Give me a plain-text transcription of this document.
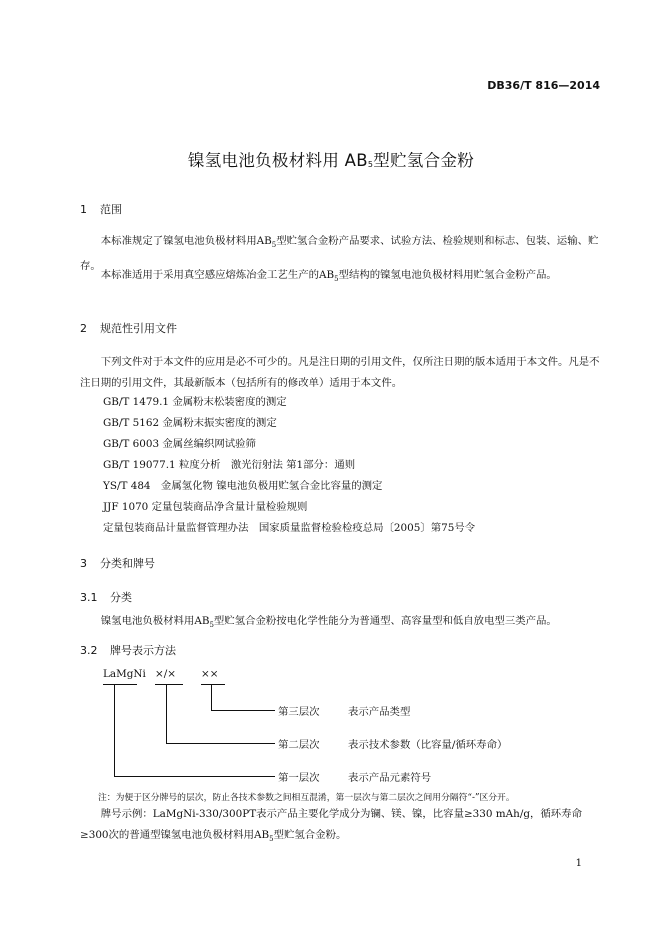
DB36/T 816—2014
镍氢电池负极材料用 $AB_5$型贮氢合金粉
1 范围
本标准规定了镍氢电池负极材料用$AB_5$型贮氢合金粉产品要求、试验方法、检验规则和标志、包装、运输、贮存。
本标准适用于采用真空感应熔炼冶金工艺生产的$AB_5$型结构的镍氢电池负极材料用贮氢合金粉产品。
2 规范性引用文件
下列文件对于本文件的应用是必不可少的。凡是注日期的引用文件，仅所注日期的版本适用于本文件。凡是不注日期的引用文件，其最新版本（包括所有的修改单）适用于本文件。
GB/T 1479.1 金属粉末松装密度的测定
GB/T 5162 金属粉末振实密度的测定
GB/T 6003 金属丝编织网试验筛
GB/T 19077.1 粒度分析　激光衍射法 第1部分：通则
YS/T 484　金属氢化物 镍电池负极用贮氢合金比容量的测定
JJF 1070 定量包装商品净含量计量检验规则
定量包装商品计量监督管理办法　国家质量监督检验检疫总局〔2005〕第75号令
3 分类和牌号
3.1 分类
镍氢电池负极材料用$AB_5$型贮氢合金粉按电化学性能分为普通型、高容量型和低自放电型三类产品。
3.2 牌号表示方法
LaMgNi ×/× ××
第三层次	表示产品类型
第二层次	表示技术参数（比容量/循环寿命）
第一层次	表示产品元素符号
注：为便于区分牌号的层次，防止各技术参数之间相互混淆，第一层次与第二层次之间用分隔符“-”区分开。
牌号示例：LaMgNi-330/300PT表示产品主要化学成分为镧、镁、镍，比容量≥330 mAh/g，循环寿命≥300次的普通型镍氢电池负极材料用$AB_5$型贮氢合金粉。
1
